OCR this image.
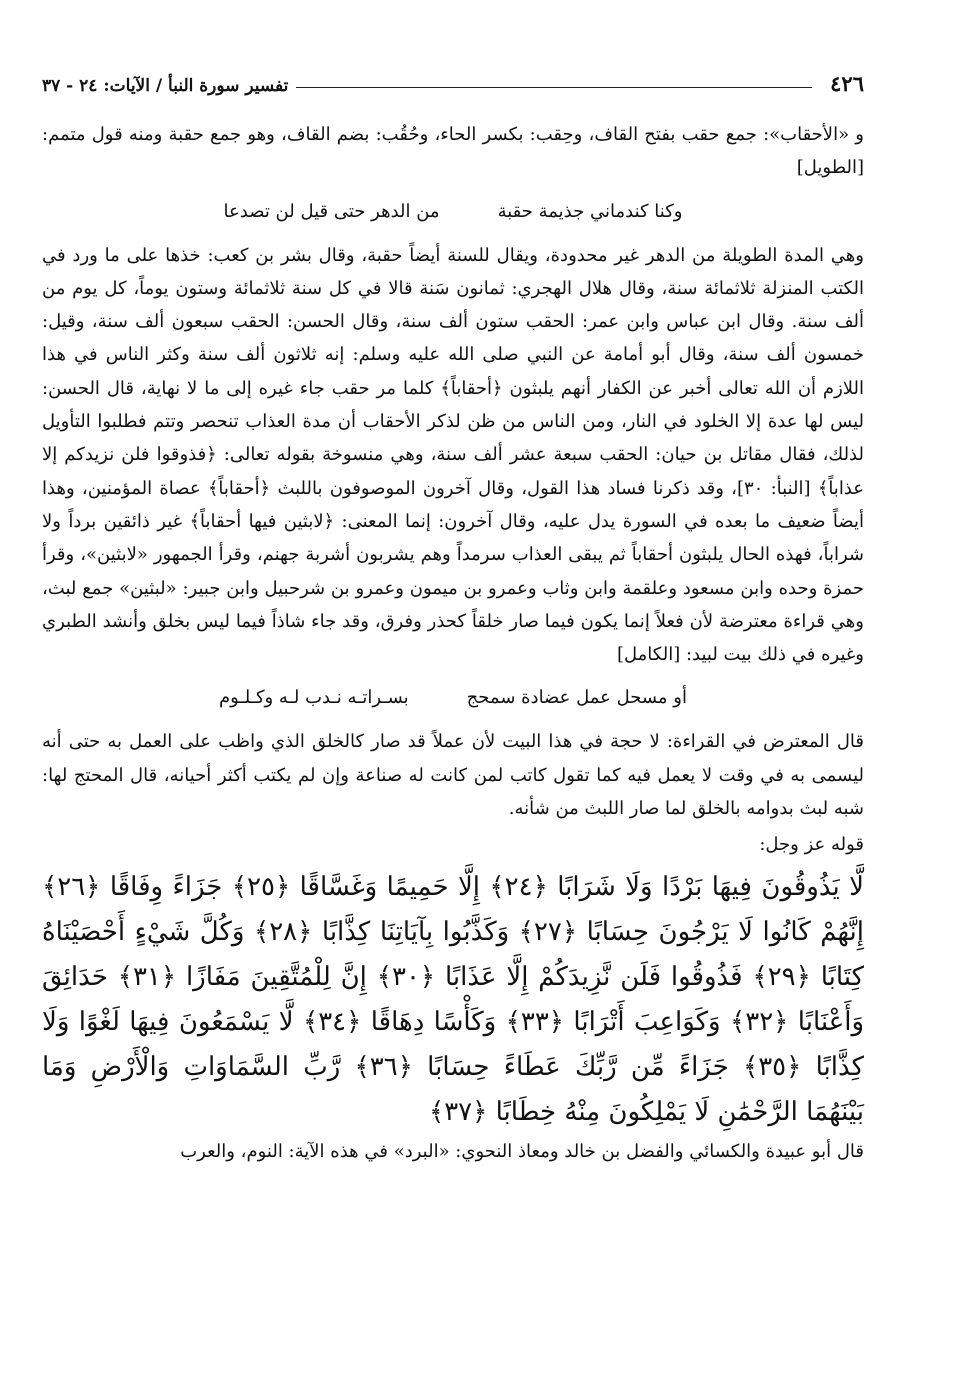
٤٢٦
تفسير سورة النبأ / الآيات: ٢٤ - ٣٧

و «الأحقاب»: جمع حقب بفتح القاف، وحِقب: بكسر الحاء، وحُقُب: بضم القاف، وهو جمع حقبة ومنه قول متمم: [الطويل]

وكنا كندماني جذيمة حقبة
من الدهر حتى قيل لن تصدعا

وهي المدة الطويلة من الدهر غير محدودة، ويقال للسنة أيضاً حقبة، وقال بشر بن كعب: خذها على ما ورد في الكتب المنزلة ثلاثمائة سنة، وقال هلال الهجري: ثمانون سَنة قالا في كل سنة ثلاثمائة وستون يوماً، كل يوم من ألف سنة. وقال ابن عباس وابن عمر: الحقب ستون ألف سنة، وقال الحسن: الحقب سبعون ألف سنة، وقيل: خمسون ألف سنة، وقال أبو أمامة عن النبي صلى الله عليه وسلم: إنه ثلاثون ألف سنة وكثر الناس في هذا اللازم أن الله تعالى أخبر عن الكفار أنهم يلبثون ﴿أحقاباً﴾ كلما مر حقب جاء غيره إلى ما لا نهاية، قال الحسن: ليس لها عدة إلا الخلود في النار، ومن الناس من ظن لذكر الأحقاب أن مدة العذاب تنحصر وتتم فطلبوا التأويل لذلك، فقال مقاتل بن حيان: الحقب سبعة عشر ألف سنة، وهي منسوخة بقوله تعالى: ﴿فذوقوا فلن نزيدكم إلا عذاباً﴾ [النبأ: ٣٠]، وقد ذكرنا فساد هذا القول، وقال آخرون الموصوفون باللبث ﴿أحقاباً﴾ عصاة المؤمنين، وهذا أيضاً ضعيف ما بعده في السورة يدل عليه، وقال آخرون: إنما المعنى: ﴿لابثين فيها أحقاباً﴾ غير ذائقين برداً ولا شراباً، فهذه الحال يلبثون أحقاباً ثم يبقى العذاب سرمداً وهم يشربون أشربة جهنم، وقرأ الجمهور «لابثين»، وقرأ حمزة وحده وابن مسعود وعلقمة وابن وثاب وعمرو بن ميمون وعمرو بن شرحبيل وابن جبير: «لبثين» جمع لبث، وهي قراءة معترضة لأن فعلاً إنما يكون فيما صار خلقاً كحذر وفرق، وقد جاء شاذاً فيما ليس بخلق وأنشد الطبري وغيره في ذلك بيت لبيد: [الكامل]

أو مسحل عمل عضادة سمحج
بسـراتـه نـدب لـه وكـلـوم

قال المعترض في القراءة: لا حجة في هذا البيت لأن عملاً قد صار كالخلق الذي واظب على العمل به حتى أنه ليسمى به في وقت لا يعمل فيه كما تقول كاتب لمن كانت له صناعة وإن لم يكتب أكثر أحيانه، قال المحتج لها: شبه لبث بدوامه بالخلق لما صار اللبث من شأنه.

قوله عز وجل:

لَّا يَذُوقُونَ فِيهَا بَرْدًا وَلَا شَرَابًا ﴿٢٤﴾ إِلَّا حَمِيمًا وَغَسَّاقًا ﴿٢٥﴾ جَزَاءً وِفَاقًا ﴿٢٦﴾ إِنَّهُمْ كَانُوا لَا يَرْجُونَ حِسَابًا ﴿٢٧﴾ وَكَذَّبُوا بِآيَاتِنَا كِذَّابًا ﴿٢٨﴾ وَكُلَّ شَيْءٍ أَحْصَيْنَاهُ كِتَابًا ﴿٢٩﴾ فَذُوقُوا فَلَن نَّزِيدَكُمْ إِلَّا عَذَابًا ﴿٣٠﴾ إِنَّ لِلْمُتَّقِينَ مَفَازًا ﴿٣١﴾ حَدَائِقَ وَأَعْنَابًا ﴿٣٢﴾ وَكَوَاعِبَ أَتْرَابًا ﴿٣٣﴾ وَكَأْسًا دِهَاقًا ﴿٣٤﴾ لَّا يَسْمَعُونَ فِيهَا لَغْوًا وَلَا كِذَّابًا ﴿٣٥﴾ جَزَاءً مِّن رَّبِّكَ عَطَاءً حِسَابًا ﴿٣٦﴾ رَّبِّ السَّمَاوَاتِ وَالْأَرْضِ وَمَا بَيْنَهُمَا الرَّحْمَٰنِ لَا يَمْلِكُونَ مِنْهُ خِطَابًا ﴿٣٧﴾

قال أبو عبيدة والكسائي والفضل بن خالد ومعاذ النحوي: «البرد» في هذه الآية: النوم، والعرب
